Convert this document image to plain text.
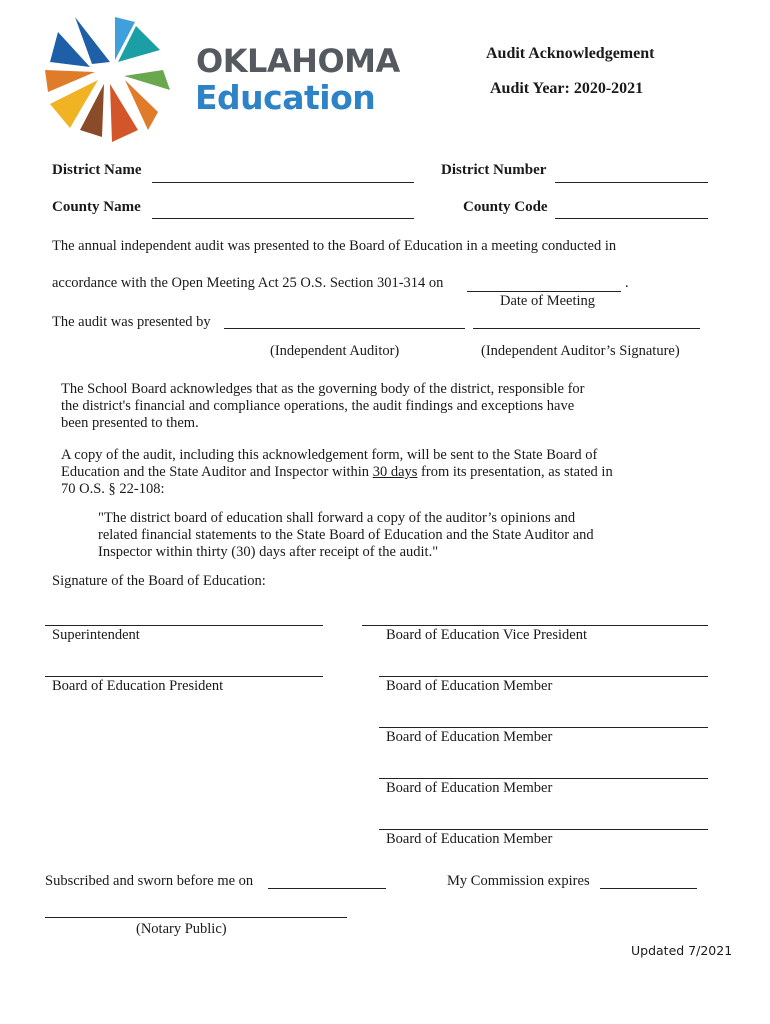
OKLAHOMA
Education
Audit Acknowledgement
Audit Year: 2020-2021
District Name	District Number
County Name	County Code
The annual independent audit was presented to the Board of Education in a meeting conducted in
accordance with the Open Meeting Act 25 O.S. Section 301-314 on	.
Date of Meeting
The audit was presented by
(Independent Auditor)	(Independent Auditor’s Signature)
The School Board acknowledges that as the governing body of the district, responsible for
the district's financial and compliance operations, the audit findings and exceptions have
been presented to them.
A copy of the audit, including this acknowledgement form, will be sent to the State Board of
Education and the State Auditor and Inspector within 30 days from its presentation, as stated in
70 O.S. § 22-108:
"The district board of education shall forward a copy of the auditor’s opinions and
related financial statements to the State Board of Education and the State Auditor and
Inspector within thirty (30) days after receipt of the audit."
Signature of the Board of Education:
Superintendent	Board of Education Vice President
Board of Education President	Board of Education Member
Board of Education Member
Board of Education Member
Board of Education Member
Subscribed and sworn before me on	My Commission expires
(Notary Public)
Updated 7/2021
